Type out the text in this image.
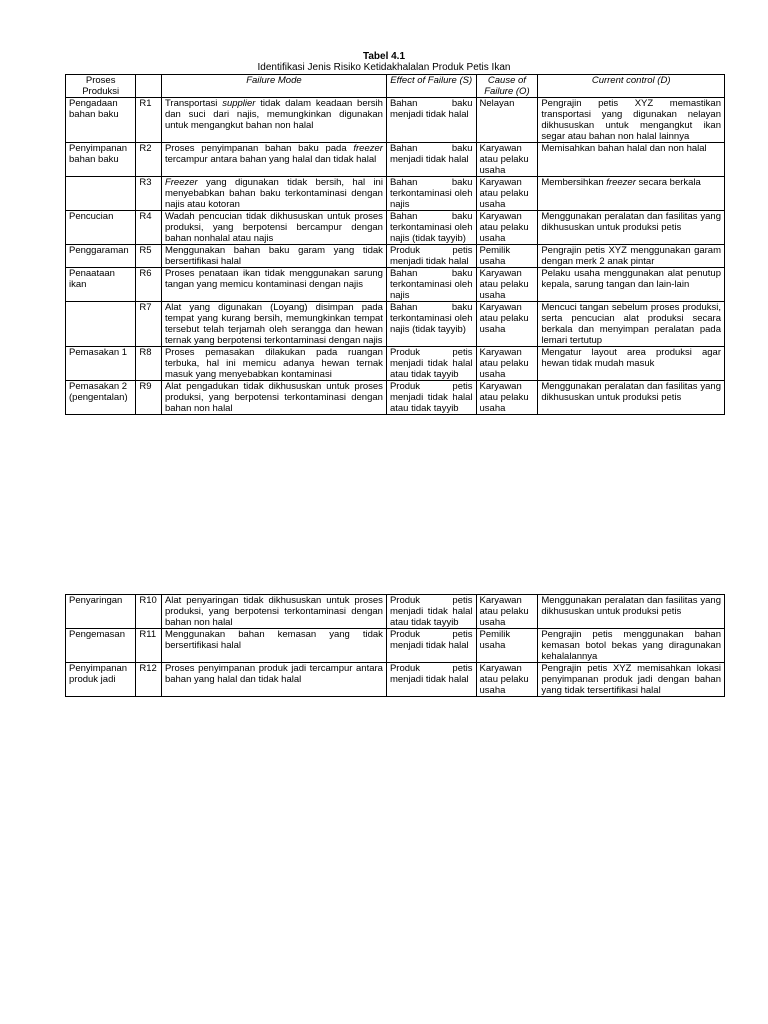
Tabel 4.1
Identifikasi Jenis Risiko Ketidakhalalan Produk Petis Ikan
Proses Produksi		Failure Mode	Effect of Failure (S)	Cause of Failure (O)	Current control (D)
Pengadaan bahan baku	R1	Transportasi supplier tidak dalam keadaan bersih dan suci dari najis, memungkinkan digunakan untuk mengangkut bahan non halal	Bahan baku menjadi tidak halal	Nelayan	Pengrajin petis XYZ memastikan transportasi yang digunakan nelayan dikhususkan untuk mengangkut ikan segar atau bahan non halal lainnya
Penyimpanan bahan baku	R2	Proses penyimpanan bahan baku pada freezer tercampur antara bahan yang halal dan tidak halal	Bahan baku menjadi tidak halal	Karyawan atau pelaku usaha	Memisahkan bahan halal dan non halal
	R3	Freezer yang digunakan tidak bersih, hal ini menyebabkan bahan baku terkontaminasi dengan najis atau kotoran	Bahan baku terkontaminasi oleh najis	Karyawan atau pelaku usaha	Membersihkan freezer secara berkala
Pencucian	R4	Wadah pencucian tidak dikhususkan untuk proses produksi, yang berpotensi bercampur dengan bahan nonhalal atau najis	Bahan baku terkontaminasi oleh najis (tidak tayyib)	Karyawan atau pelaku usaha	Menggunakan peralatan dan fasilitas yang dikhususkan untuk produksi petis
Penggaraman	R5	Menggunakan bahan baku garam yang tidak bersertifikasi halal	Produk petis menjadi tidak halal	Pemilik usaha	Pengrajin petis XYZ menggunakan garam dengan merk 2 anak pintar
Penaataan ikan	R6	Proses penataan ikan tidak menggunakan sarung tangan yang memicu kontaminasi dengan najis	Bahan baku terkontaminasi oleh najis	Karyawan atau pelaku usaha	Pelaku usaha menggunakan alat penutup kepala, sarung tangan dan lain-lain
	R7	Alat yang digunakan (Loyang) disimpan pada tempat yang kurang bersih, memungkinkan tempat tersebut telah terjamah oleh serangga dan hewan ternak yang berpotensi terkontaminasi dengan najis	Bahan baku terkontaminasi oleh najis (tidak tayyib)	Karyawan atau pelaku usaha	Mencuci tangan sebelum proses produksi, serta pencucian alat produksi secara berkala dan menyimpan peralatan pada lemari tertutup
Pemasakan 1	R8	Proses pemasakan dilakukan pada ruangan terbuka, hal ini memicu adanya hewan ternak masuk yang menyebabkan kontaminasi	Produk petis menjadi tidak halal atau tidak tayyib	Karyawan atau pelaku usaha	Mengatur layout area produksi agar hewan tidak mudah masuk
Pemasakan 2 (pengentalan)	R9	Alat pengadukan tidak dikhususkan untuk proses produksi, yang berpotensi terkontaminasi dengan bahan non halal	Produk petis menjadi tidak halal atau tidak tayyib	Karyawan atau pelaku usaha	Menggunakan peralatan dan fasilitas yang dikhususkan untuk produksi petis
Penyaringan	R10	Alat penyaringan tidak dikhususkan untuk proses produksi, yang berpotensi terkontaminasi dengan bahan non halal	Produk petis menjadi tidak halal atau tidak tayyib	Karyawan atau pelaku usaha	Menggunakan peralatan dan fasilitas yang dikhususkan untuk produksi petis
Pengemasan	R11	Menggunakan bahan kemasan yang tidak bersertifikasi halal	Produk petis menjadi tidak halal	Pemilik usaha	Pengrajin petis menggunakan bahan kemasan botol bekas yang diragunakan kehalalannya
Penyimpanan produk jadi	R12	Proses penyimpanan produk jadi tercampur antara bahan yang halal dan tidak halal	Produk petis menjadi tidak halal	Karyawan atau pelaku usaha	Pengrajin petis XYZ memisahkan lokasi penyimpanan produk jadi dengan bahan yang tidak tersertifikasi halal
